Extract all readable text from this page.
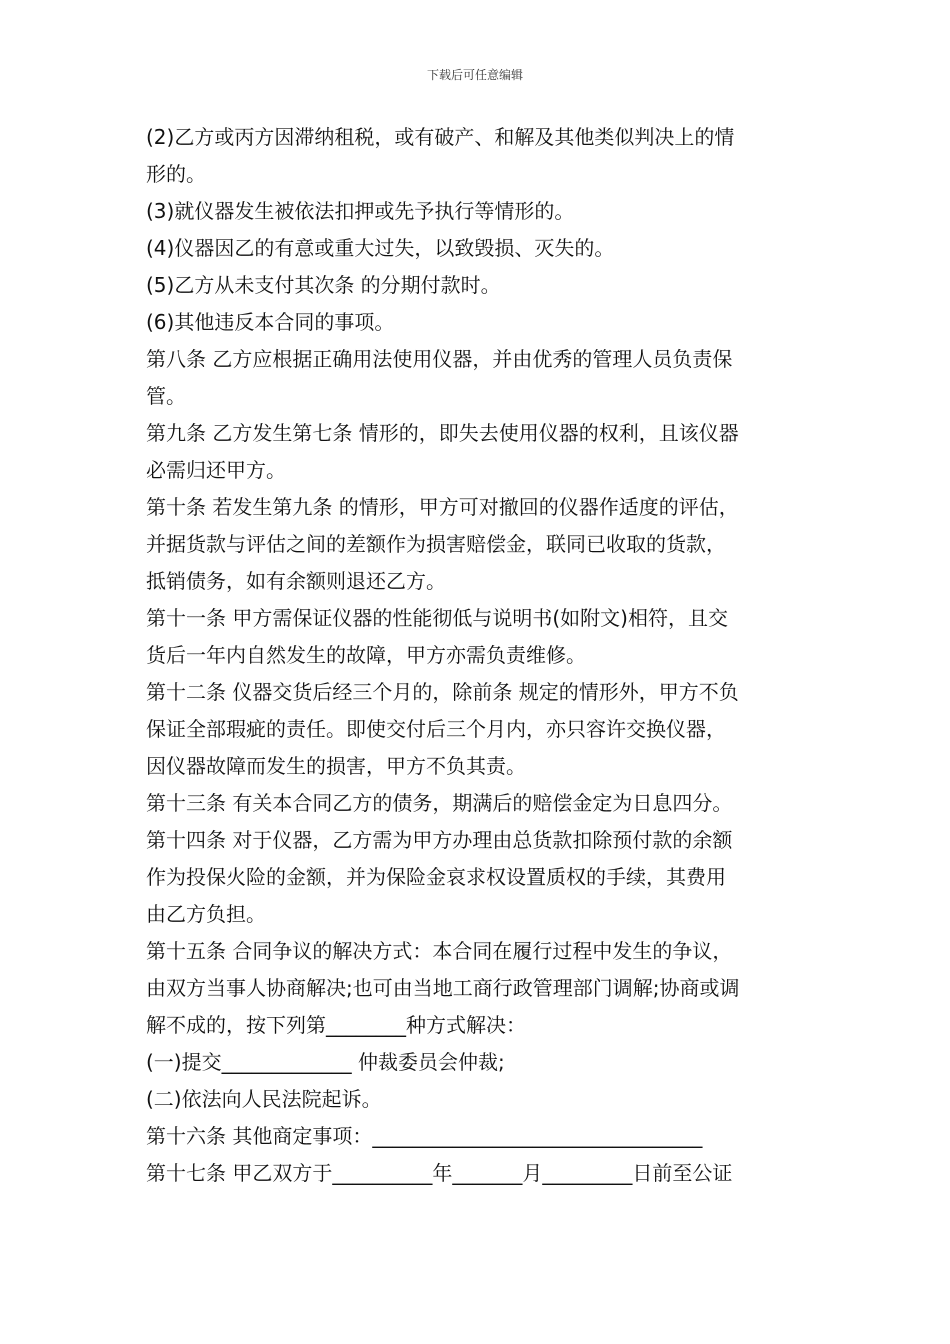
下载后可任意编辑
(2)乙方或丙方因滞纳租税，或有破产、和解及其他类似判决上的情
形的。
(3)就仪器发生被依法扣押或先予执行等情形的。
(4)仪器因乙的有意或重大过失，以致毁损、灭失的。
(5)乙方从未支付其次条 的分期付款时。
(6)其他违反本合同的事项。
第八条 乙方应根据正确用法使用仪器，并由优秀的管理人员负责保
管。
第九条 乙方发生第七条 情形的，即失去使用仪器的权利，且该仪器
必需归还甲方。
第十条 若发生第九条 的情形，甲方可对撤回的仪器作适度的评估，
并据货款与评估之间的差额作为损害赔偿金，联同已收取的货款，
抵销债务，如有余额则退还乙方。
第十一条 甲方需保证仪器的性能彻低与说明书(如附文)相符，且交
货后一年内自然发生的故障，甲方亦需负责维修。
第十二条 仪器交货后经三个月的，除前条 规定的情形外，甲方不负
保证全部瑕疵的责任。即使交付后三个月内，亦只容许交换仪器，
因仪器故障而发生的损害，甲方不负其责。
第十三条 有关本合同乙方的债务，期满后的赔偿金定为日息四分。
第十四条 对于仪器，乙方需为甲方办理由总货款扣除预付款的余额
作为投保火险的金额，并为保险金哀求权设置质权的手续，其费用
由乙方负担。
第十五条 合同争议的解决方式：本合同在履行过程中发生的争议，
由双方当事人协商解决;也可由当地工商行政管理部门调解;协商或调
解不成的，按下列第________种方式解决：
(一)提交_____________ 仲裁委员会仲裁;
(二)依法向人民法院起诉。
第十六条 其他商定事项：_________________________________
第十七条 甲乙双方于__________年_______月_________日前至公证
